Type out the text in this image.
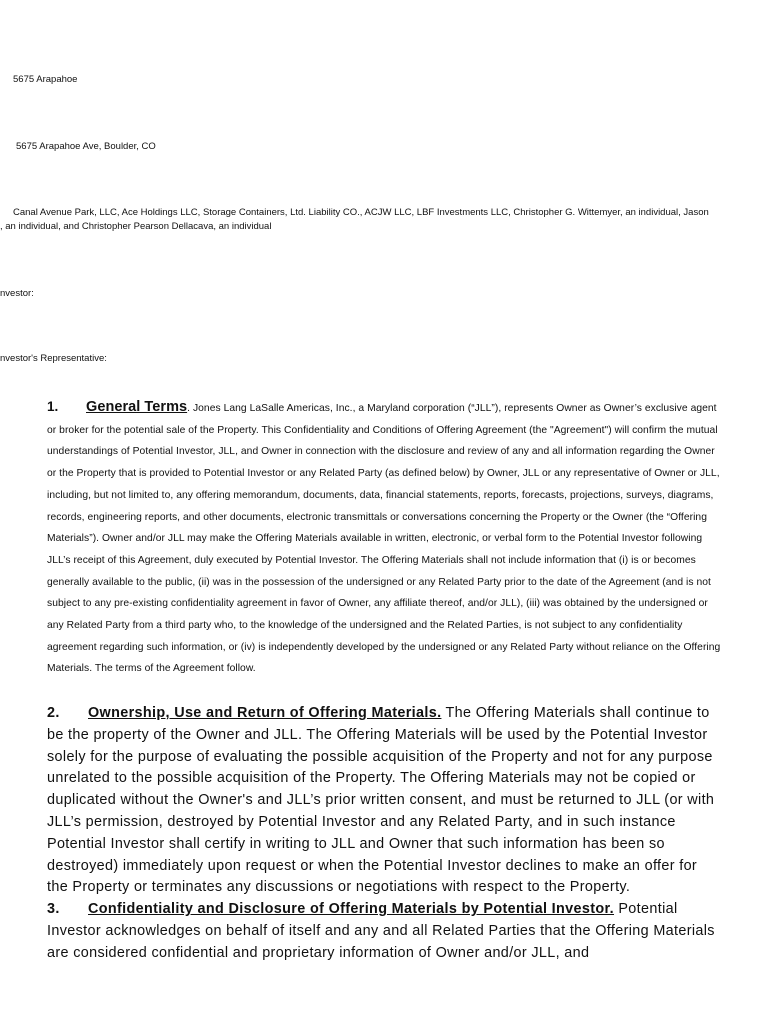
5675 Arapahoe
5675 Arapahoe Ave, Boulder, CO
Canal Avenue Park, LLC, Ace Holdings LLC, Storage Containers, Ltd. Liability CO., ACJW LLC, LBF Investments LLC, Christopher G. Wittemyer, an individual, Jason
, an individual, and Christopher Pearson Dellacava, an individual
nvestor:
nvestor's Representative:
1. General Terms. Jones Lang LaSalle Americas, Inc., a Maryland corporation (“JLL”), represents Owner as Owner’s exclusive agent or broker for the potential sale of the Property. This Confidentiality and Conditions of Offering Agreement (the "Agreement") will confirm the mutual understandings of Potential Investor, JLL, and Owner in connection with the disclosure and review of any and all information regarding the Owner or the Property that is provided to Potential Investor or any Related Party (as defined below) by Owner, JLL or any representative of Owner or JLL, including, but not limited to, any offering memorandum, documents, data, financial statements, reports, forecasts, projections, surveys, diagrams, records, engineering reports, and other documents, electronic transmittals or conversations concerning the Property or the Owner (the “Offering Materials”). Owner and/or JLL may make the Offering Materials available in written, electronic, or verbal form to the Potential Investor following JLL’s receipt of this Agreement, duly executed by Potential Investor. The Offering Materials shall not include information that (i) is or becomes generally available to the public, (ii) was in the possession of the undersigned or any Related Party prior to the date of the Agreement (and is not subject to any pre-existing confidentiality agreement in favor of Owner, any affiliate thereof, and/or JLL), (iii) was obtained by the undersigned or any Related Party from a third party who, to the knowledge of the undersigned and the Related Parties, is not subject to any confidentiality agreement regarding such information, or (iv) is independently developed by the undersigned or any Related Party without reliance on the Offering Materials. The terms of the Agreement follow.
2. Ownership, Use and Return of Offering Materials. The Offering Materials shall continue to be the property of the Owner and JLL. The Offering Materials will be used by the Potential Investor solely for the purpose of evaluating the possible acquisition of the Property and not for any purpose unrelated to the possible acquisition of the Property. The Offering Materials may not be copied or duplicated without the Owner's and JLL’s prior written consent, and must be returned to JLL (or with JLL’s permission, destroyed by Potential Investor and any Related Party, and in such instance Potential Investor shall certify in writing to JLL and Owner that such information has been so destroyed) immediately upon request or when the Potential Investor declines to make an offer for the Property or terminates any discussions or negotiations with respect to the Property.
3. Confidentiality and Disclosure of Offering Materials by Potential Investor. Potential Investor acknowledges on behalf of itself and any and all Related Parties that the Offering Materials are considered confidential and proprietary information of Owner and/or JLL, and
